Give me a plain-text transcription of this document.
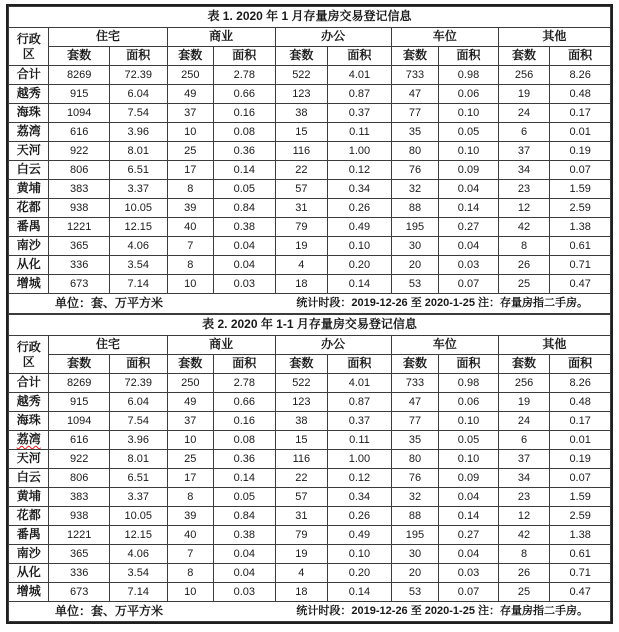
表 1. 2020 年 1 月存量房交易登记信息										

行政
区	住宅		商业		办公		车位		其他	
	套数	面积	套数	面积	套数	面积	套数	面积	套数	面积
合计	8269	72.39	250	2.78	522	4.01	733	0.98	256	8.26
越秀	915	6.04	49	0.66	123	0.87	47	0.06	19	0.48
海珠	1094	7.54	37	0.16	38	0.37	77	0.10	24	0.17
荔湾	616	3.96	10	0.08	15	0.11	35	0.05	6	0.01
天河	922	8.01	25	0.36	116	1.00	80	0.10	37	0.19
白云	806	6.51	17	0.14	22	0.12	76	0.09	34	0.07
黄埔	383	3.37	8	0.05	57	0.34	32	0.04	23	1.59
花都	938	10.05	39	0.84	31	0.26	88	0.14	12	2.59
番禺	1221	12.15	40	0.38	79	0.49	195	0.27	42	1.38
南沙	365	4.06	7	0.04	19	0.10	30	0.04	8	0.61
从化	336	3.54	8	0.04	4	0.20	20	0.03	26	0.71
增城	673	7.14	10	0.03	18	0.14	53	0.07	25	0.47

单位：套、万平方米 统计时段：2019-12-26 至 2020-1-25 注：存量房指二手房。										
表 2. 2020 年 1-1 月存量房交易登记信息										

行政
区	住宅		商业		办公		车位		其他	
	套数	面积	套数	面积	套数	面积	套数	面积	套数	面积
合计	8269	72.39	250	2.78	522	4.01	733	0.98	256	8.26
越秀	915	6.04	49	0.66	123	0.87	47	0.06	19	0.48
海珠	1094	7.54	37	0.16	38	0.37	77	0.10	24	0.17
荔湾	616	3.96	10	0.08	15	0.11	35	0.05	6	0.01
天河	922	8.01	25	0.36	116	1.00	80	0.10	37	0.19
白云	806	6.51	17	0.14	22	0.12	76	0.09	34	0.07
黄埔	383	3.37	8	0.05	57	0.34	32	0.04	23	1.59
花都	938	10.05	39	0.84	31	0.26	88	0.14	12	2.59
番禺	1221	12.15	40	0.38	79	0.49	195	0.27	42	1.38
南沙	365	4.06	7	0.04	19	0.10	30	0.04	8	0.61
从化	336	3.54	8	0.04	4	0.20	20	0.03	26	0.71
增城	673	7.14	10	0.03	18	0.14	53	0.07	25	0.47

单位：套、万平方米 统计时段：2019-12-26 至 2020-1-25 注：存量房指二手房。										
